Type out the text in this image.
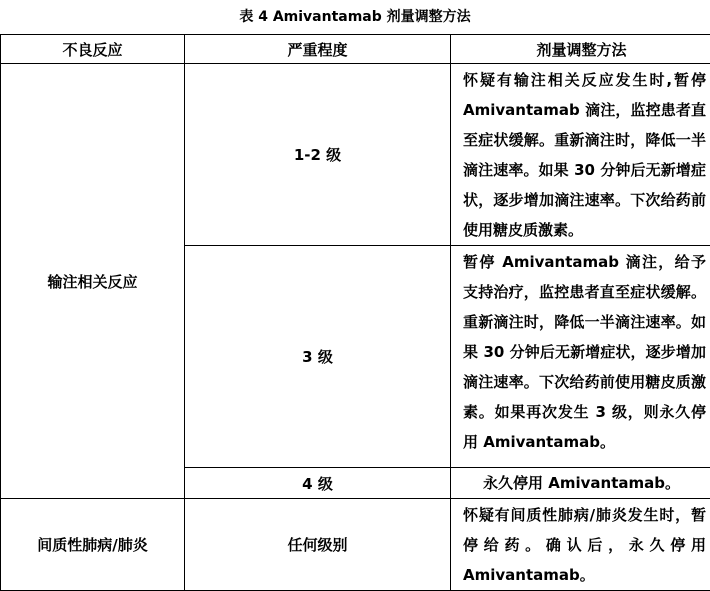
表 4 Amivantamab 剂量调整方法
不良反应	严重程度	剂量调整方法
输注相关反应	1-2 级	怀疑有输注相关反应发生时,暂停 Amivantamab 滴注，监控患者直至症状缓解。重新滴注时，降低一半滴注速率。如果 30 分钟后无新增症状，逐步增加滴注速率。下次给药前使用糖皮质激素。
	3 级	暂停 Amivantamab 滴注，给予支持治疗，监控患者直至症状缓解。重新滴注时，降低一半滴注速率。如果 30 分钟后无新增症状，逐步增加滴注速率。下次给药前使用糖皮质激素。如果再次发生 3 级，则永久停用 Amivantamab。
	4 级	永久停用 Amivantamab。
间质性肺病/肺炎	任何级别	怀疑有间质性肺病/肺炎发生时，暂停给药。确认后，永久停用 Amivantamab。
